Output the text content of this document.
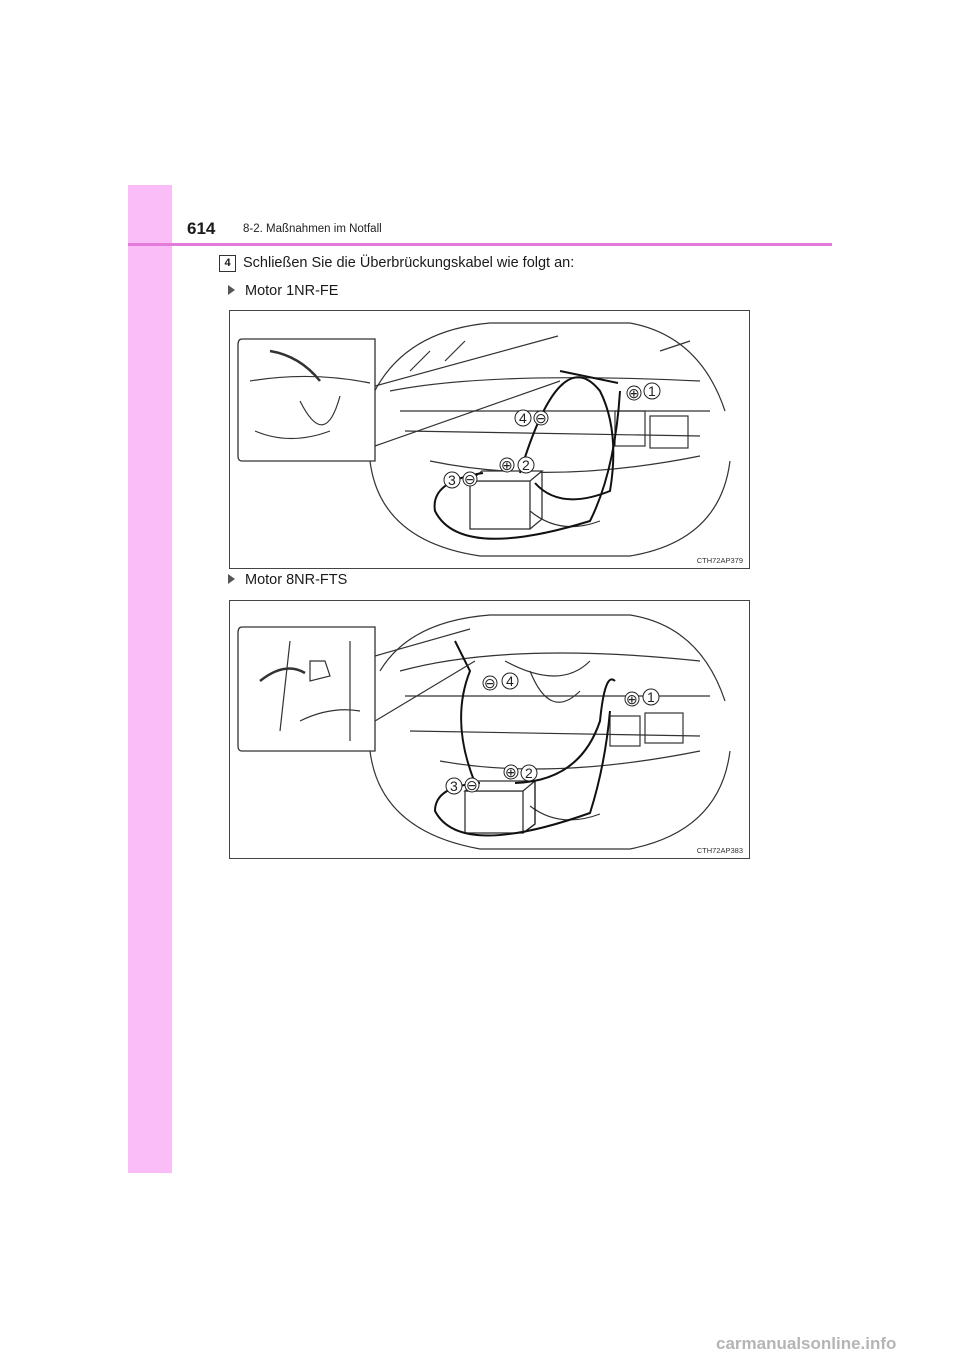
614 8-2. Maßnahmen im Notfall
4 Schließen Sie die Überbrückungskabel wie folgt an:
Motor 1NR-FE
⊕ 1
⊕ 2
3 ⊖
4 ⊖
CTH72AP379
Motor 8NR-FTS
⊕ 1
⊕ 2
3 ⊖
⊖ 4
CTH72AP383
carmanualsonline.info
